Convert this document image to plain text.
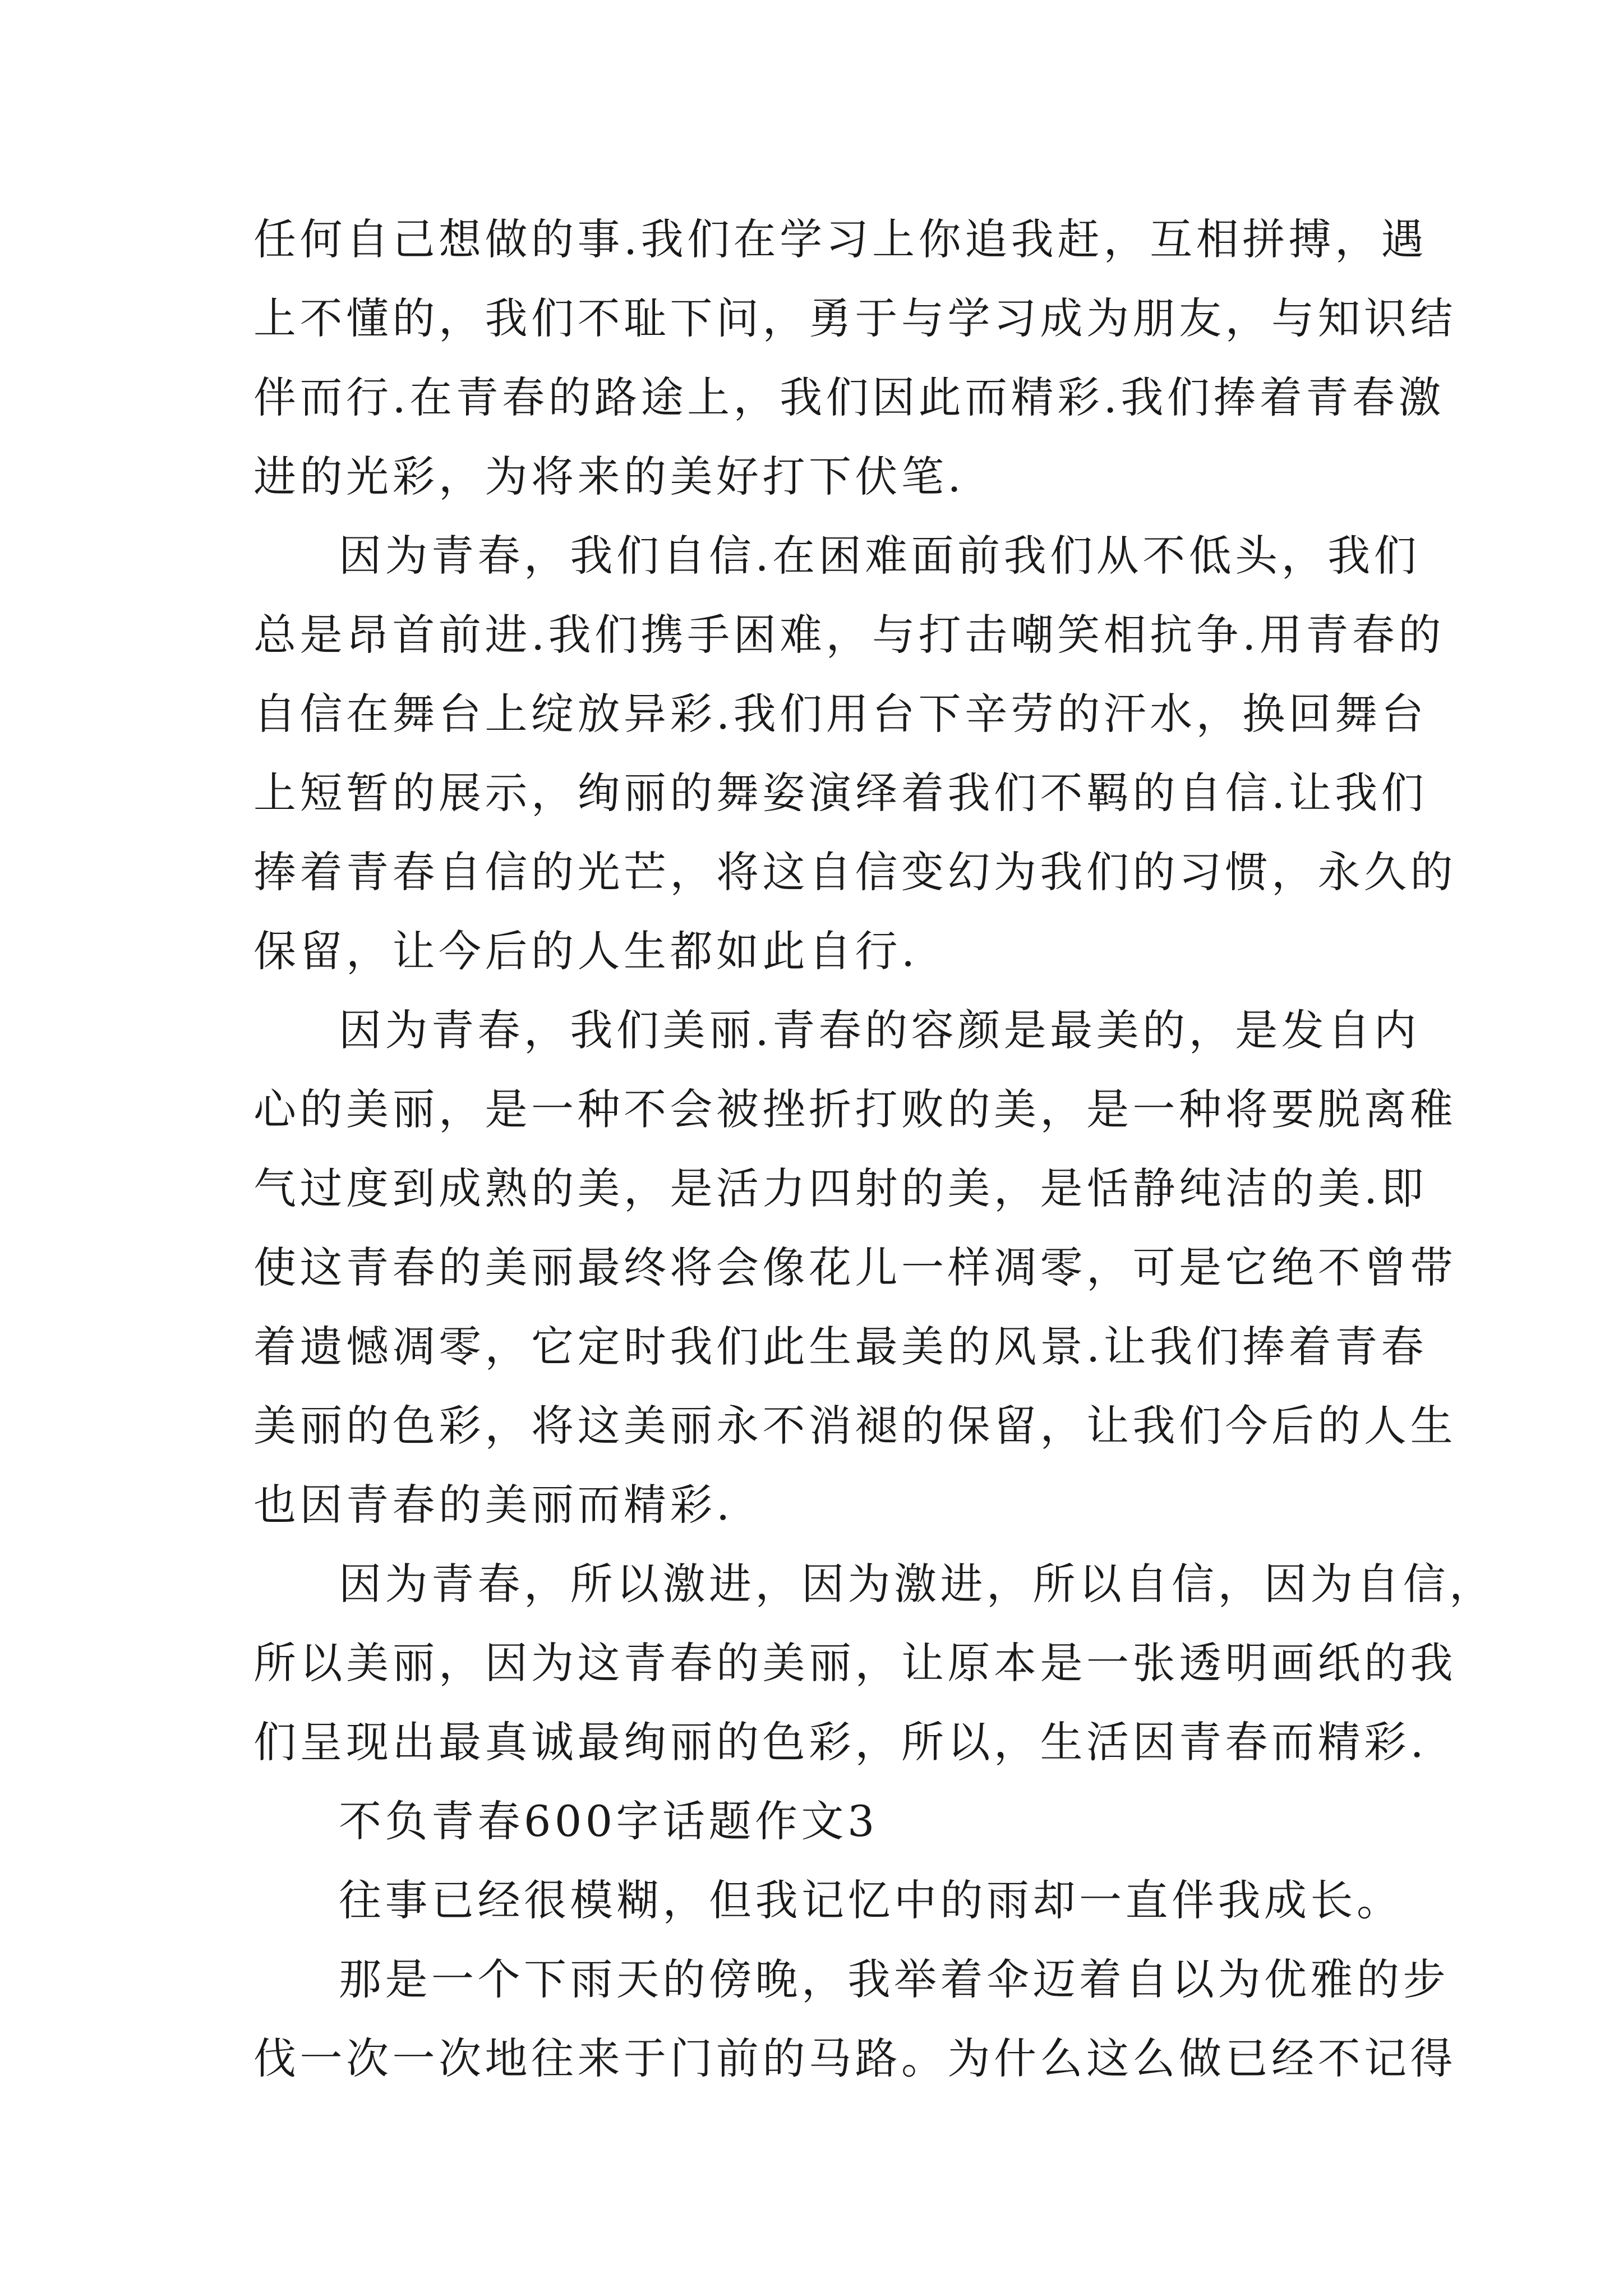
任何自己想做的事.我们在学习上你追我赶，互相拼搏，遇
上不懂的，我们不耻下问，勇于与学习成为朋友，与知识结
伴而行.在青春的路途上，我们因此而精彩.我们捧着青春激
进的光彩，为将来的美好打下伏笔.
因为青春，我们自信.在困难面前我们从不低头，我们
总是昂首前进.我们携手困难，与打击嘲笑相抗争.用青春的
自信在舞台上绽放异彩.我们用台下辛劳的汗水，换回舞台
上短暂的展示，绚丽的舞姿演绎着我们不羁的自信.让我们
捧着青春自信的光芒，将这自信变幻为我们的习惯，永久的
保留，让今后的人生都如此自行.
因为青春，我们美丽.青春的容颜是最美的，是发自内
心的美丽，是一种不会被挫折打败的美，是一种将要脱离稚
气过度到成熟的美，是活力四射的美，是恬静纯洁的美.即
使这青春的美丽最终将会像花儿一样凋零，可是它绝不曾带
着遗憾凋零，它定时我们此生最美的风景.让我们捧着青春
美丽的色彩，将这美丽永不消褪的保留，让我们今后的人生
也因青春的美丽而精彩.
因为青春，所以激进，因为激进，所以自信，因为自信，
所以美丽，因为这青春的美丽，让原本是一张透明画纸的我
们呈现出最真诚最绚丽的色彩，所以，生活因青春而精彩.
不负青春600字话题作文3
往事已经很模糊，但我记忆中的雨却一直伴我成长。
那是一个下雨天的傍晚，我举着伞迈着自以为优雅的步
伐一次一次地往来于门前的马路。为什么这么做已经不记得
